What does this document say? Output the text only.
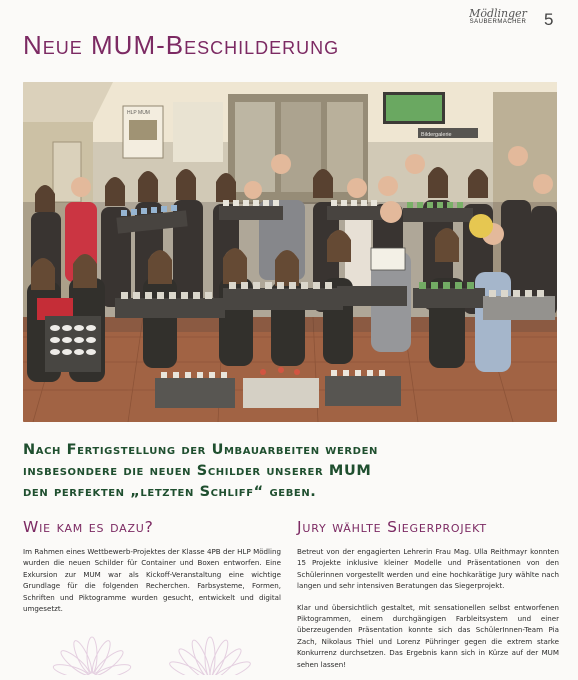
Mödlinger
SAUBERMACHER 5
Neue MUM-Beschilderung
HLP MUM
Bildergalerie
Nach Fertigstellung der Umbauarbeiten werden
insbesondere die neuen Schilder unserer MUM
den perfekten „letzten Schliff“ geben.
Wie kam es dazu?	Jury wählte Siegerprojekt

Im Rahmen eines Wettbewerb-Projektes der Klasse 4PB der HLP Mödling wurden die neuen Schilder für Container und Boxen entworfen. Eine Exkursion zur MUM war als Kickoff-Veranstaltung eine wichtige Grundlage für die folgenden Recherchen. Farbsysteme, Formen, Schriften und Piktogramme wurden gesucht, entwickelt und digital umgesetzt.

Betreut von der engagierten Lehrerin Frau Mag. Ulla Reithmayr konnten 15 Projekte inklusive kleiner Modelle und Präsentationen von den Schülerinnen vorgestellt werden und eine hochkarätige Jury wählte nach langen und sehr intensiven Beratungen das Siegerprojekt.

Klar und übersichtlich gestaltet, mit sensationellen selbst entworfenen Piktogrammen, einem durchgängigen Farbleitsystem und einer überzeugenden Präsentation konnte sich das SchülerInnen-Team Pia Zach, Nikolaus Thiel und Lorenz Pühringer gegen die extrem starke Konkurrenz durchsetzen. Das Ergebnis kann sich in Kürze auf der MUM sehen lassen!
